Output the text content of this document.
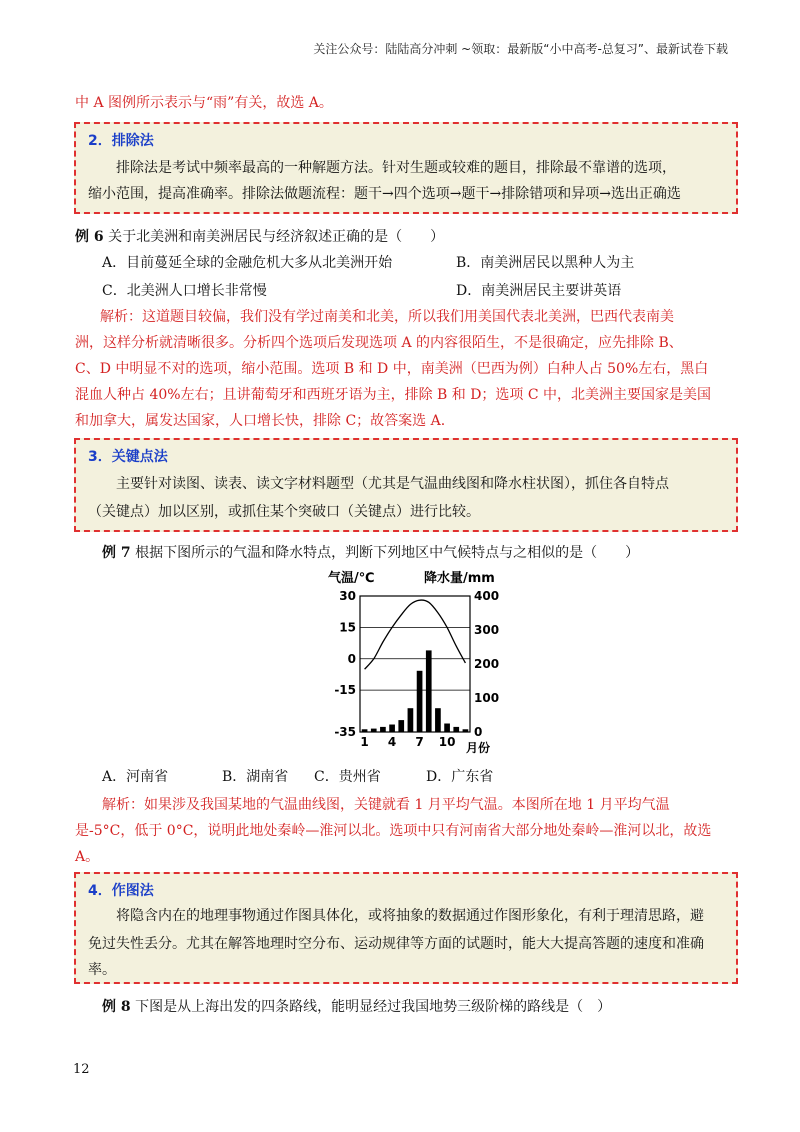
关注公众号：陆陆高分冲刺 ~领取：最新版“小中高考-总复习”、最新试卷下载
中 A 图例所示表示与“雨”有关，故选 A。
2．排除法
排除法是考试中频率最高的一种解题方法。针对生题或较难的题目，排除最不靠谱的选项，
缩小范围，提高准确率。排除法做题流程：题干→四个选项→题干→排除错项和异项→选出正确选
例 6 关于北美洲和南美洲居民与经济叙述正确的是（　　）
A．目前蔓延全球的金融危机大多从北美洲开始	B．南美洲居民以黑种人为主
C．北美洲人口增长非常慢	D．南美洲居民主要讲英语
解析：这道题目较偏，我们没有学过南美和北美，所以我们用美国代表北美洲，巴西代表南美
洲，这样分析就清晰很多。分析四个选项后发现选项 A 的内容很陌生，不是很确定，应先排除 B、
C、D 中明显不对的选项，缩小范围。选项 B 和 D 中，南美洲（巴西为例）白种人占 50%左右，黑白
混血人种占 40%左右；且讲葡萄牙和西班牙语为主，排除 B 和 D；选项 C 中，北美洲主要国家是美国
和加拿大，属发达国家，人口增长快，排除 C；故答案选 A.
3．关键点法
主要针对读图、读表、读文字材料题型（尤其是气温曲线图和降水柱状图），抓住各自特点
（关键点）加以区别，或抓住某个突破口（关键点）进行比较。
例 7 根据下图所示的气温和降水特点，判断下列地区中气候特点与之相似的是（　　）
气温/℃	降水量/mm
30
15
0
-15
-35
400
300
200
100
0
1 4 7 10 月份
A．河南省	B．湖南省 C．贵州省	D．广东省
解析：如果涉及我国某地的气温曲线图，关键就看 1 月平均气温。本图所在地 1 月平均气温
是-5°C，低于 0°C，说明此地处秦岭—淮河以北。选项中只有河南省大部分地处秦岭—淮河以北，故选
A。
4．作图法
将隐含内在的地理事物通过作图具体化，或将抽象的数据通过作图形象化，有利于理清思路，避
免过失性丢分。尤其在解答地理时空分布、运动规律等方面的试题时，能大大提高答题的速度和准确
率。
例 8 下图是从上海出发的四条路线，能明显经过我国地势三级阶梯的路线是（　）
12
